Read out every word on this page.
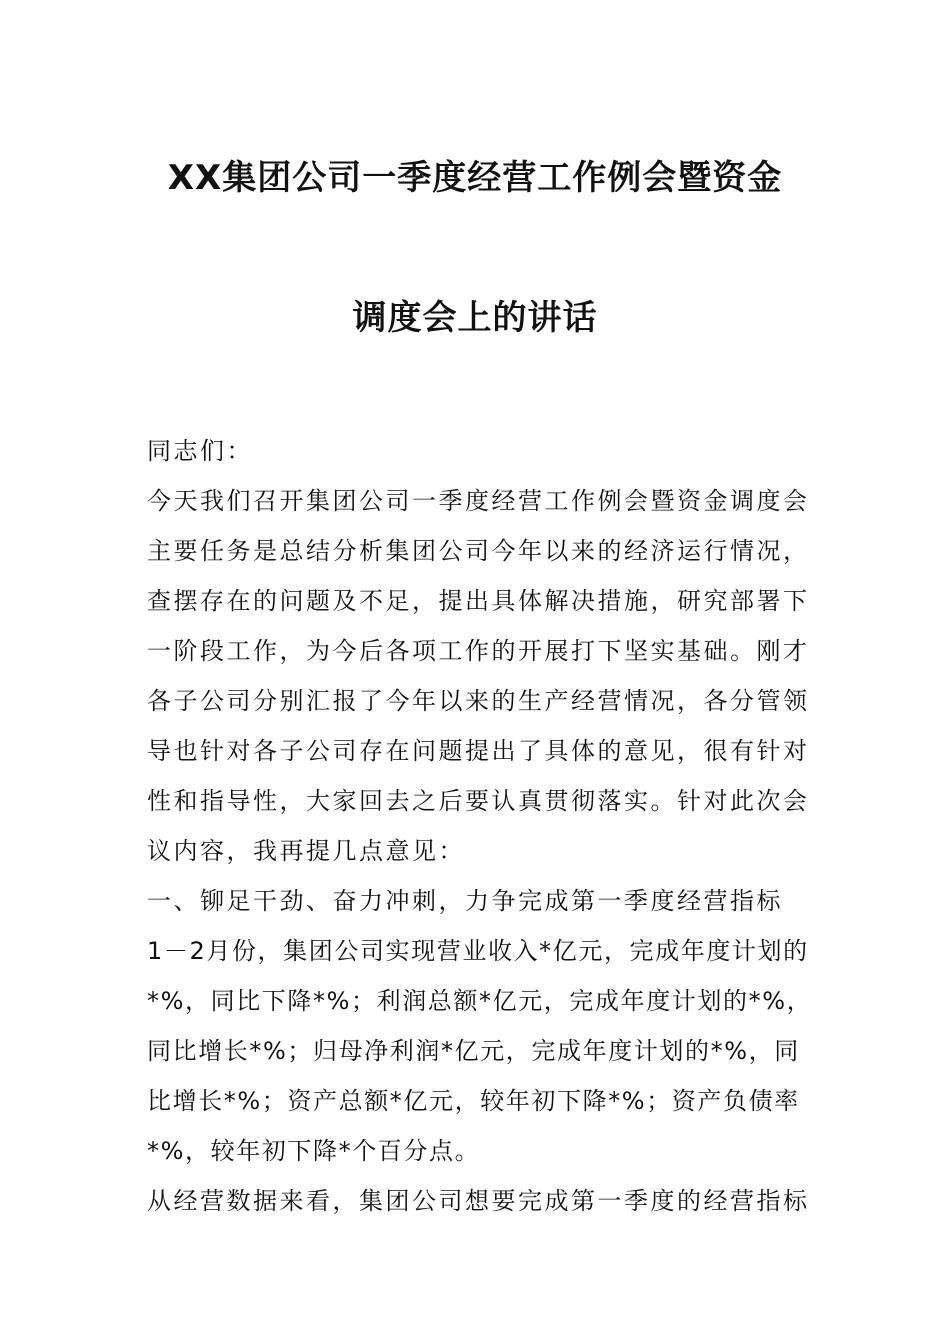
XX集团公司一季度经营工作例会暨资金
调度会上的讲话
同志们：
今天我们召开集团公司一季度经营工作例会暨资金调度会
主要任务是总结分析集团公司今年以来的经济运行情况，
查摆存在的问题及不足，提出具体解决措施，研究部署下
一阶段工作，为今后各项工作的开展打下坚实基础。刚才
各子公司分别汇报了今年以来的生产经营情况，各分管领
导也针对各子公司存在问题提出了具体的意见，很有针对
性和指导性，大家回去之后要认真贯彻落实。针对此次会
议内容，我再提几点意见：
一、铆足干劲、奋力冲刺，力争完成第一季度经营指标
1－2月份，集团公司实现营业收入*亿元，完成年度计划的
*%，同比下降*%；利润总额*亿元，完成年度计划的*%，
同比增长*%；归母净利润*亿元，完成年度计划的*%，同
比增长*%；资产总额*亿元，较年初下降*%；资产负债率
*%，较年初下降*个百分点。
从经营数据来看，集团公司想要完成第一季度的经营指标
